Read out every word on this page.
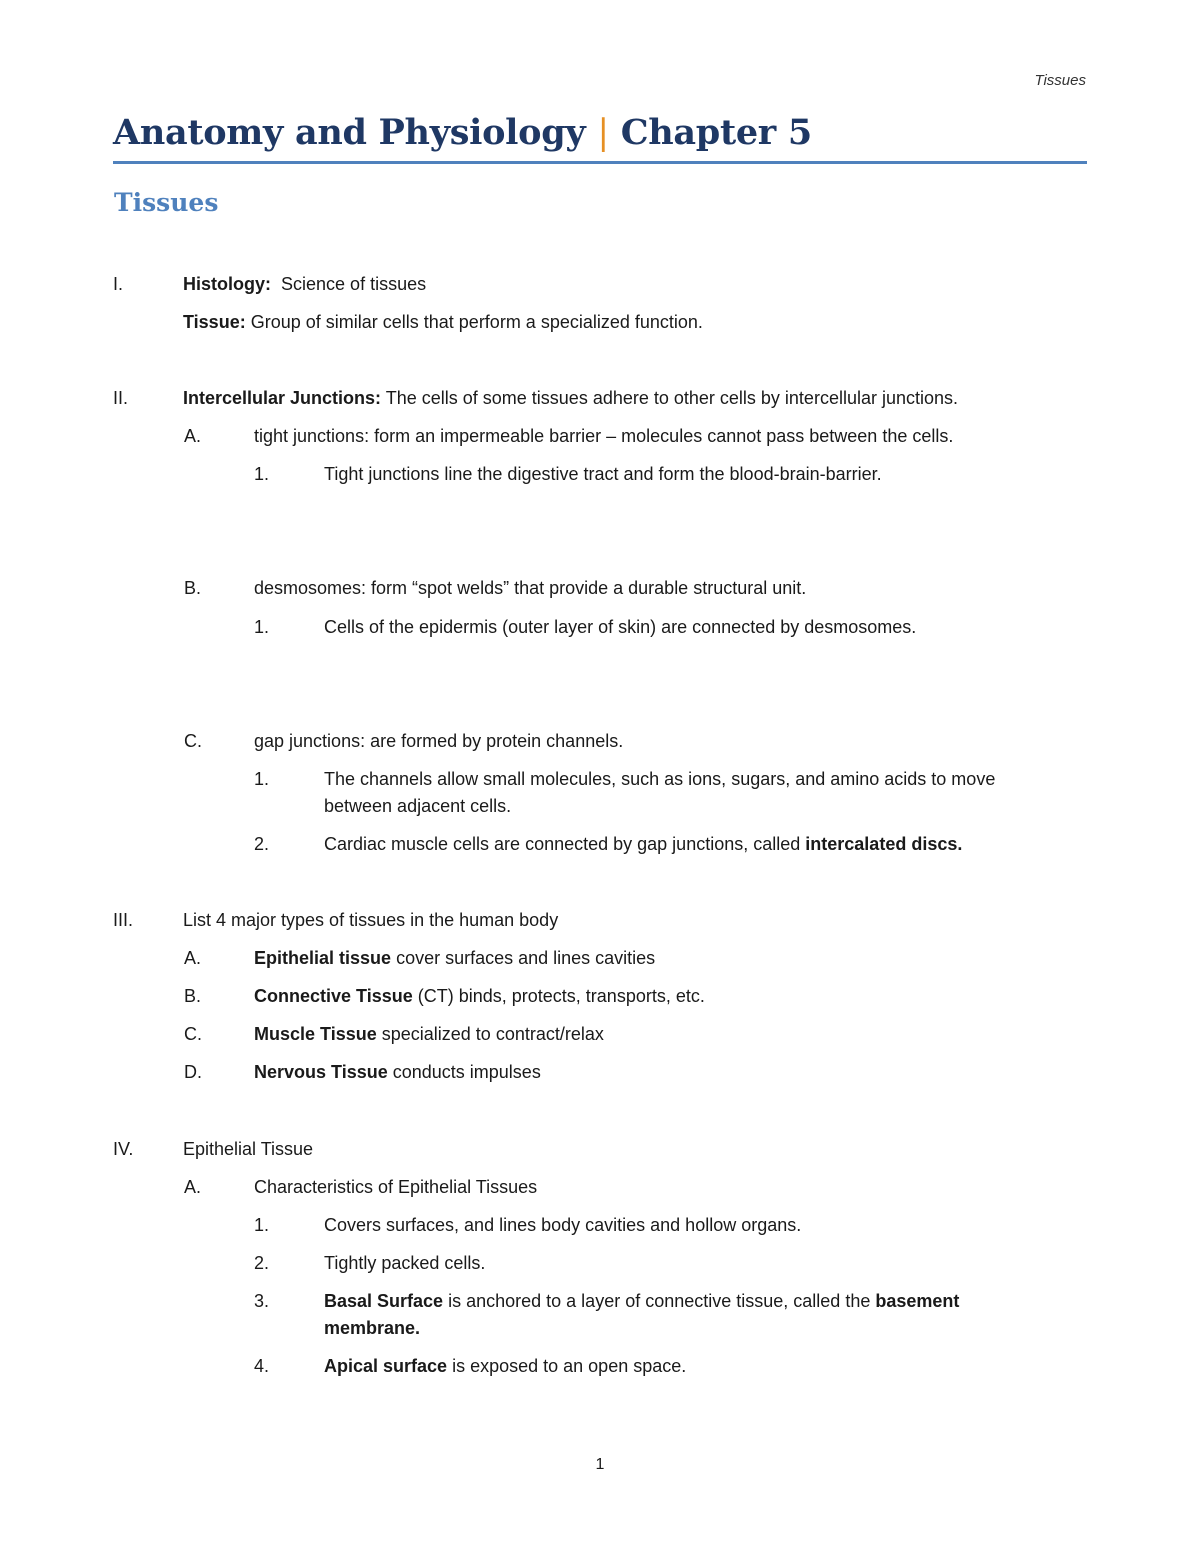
Tissues
Anatomy and Physiology | Chapter 5
Tissues
I.	Histology: Science of tissues
Tissue: Group of similar cells that perform a specialized function.
II.	Intercellular Junctions: The cells of some tissues adhere to other cells by intercellular junctions.
A.	tight junctions: form an impermeable barrier – molecules cannot pass between the cells.
1.	Tight junctions line the digestive tract and form the blood-brain-barrier.
B.	desmosomes: form “spot welds” that provide a durable structural unit.
1.	Cells of the epidermis (outer layer of skin) are connected by desmosomes.
C.	gap junctions: are formed by protein channels.
1.	The channels allow small molecules, such as ions, sugars, and amino acids to move between adjacent cells.
2.	Cardiac muscle cells are connected by gap junctions, called intercalated discs.
III.	List 4 major types of tissues in the human body
A.	Epithelial tissue cover surfaces and lines cavities
B.	Connective Tissue (CT) binds, protects, transports, etc.
C.	Muscle Tissue specialized to contract/relax
D.	Nervous Tissue conducts impulses
IV.	Epithelial Tissue
A.	Characteristics of Epithelial Tissues
1.	Covers surfaces, and lines body cavities and hollow organs.
2.	Tightly packed cells.
3.	Basal Surface is anchored to a layer of connective tissue, called the basement membrane.
4.	Apical surface is exposed to an open space.
1
